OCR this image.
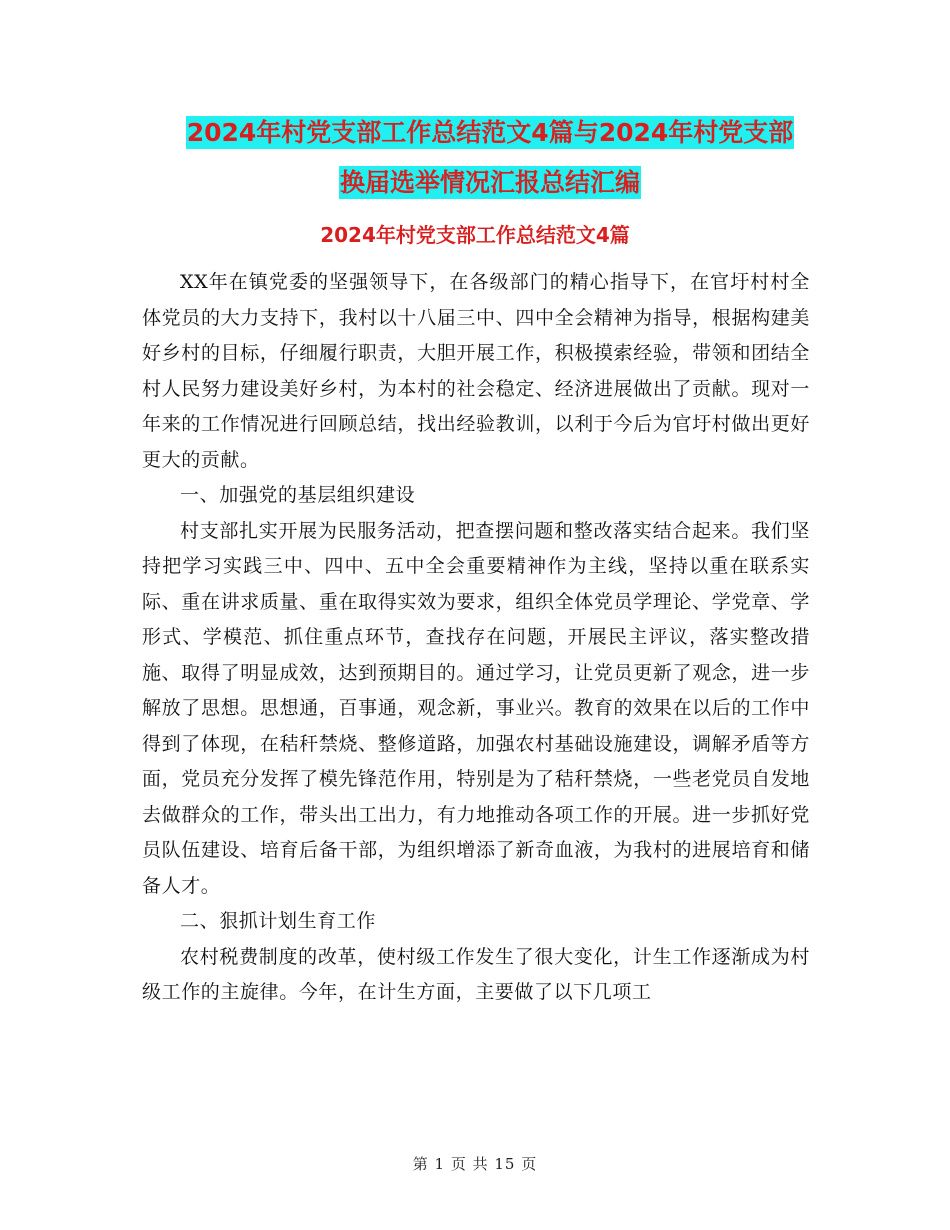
2024年村党支部工作总结范文4篇与2024年村党支部
换届选举情况汇报总结汇编
2024年村党支部工作总结范文4篇

XX年在镇党委的坚强领导下，在各级部门的精心指导下，在官圩村村全体党员的大力支持下，我村以十八届三中、四中全会精神为指导，根据构建美好乡村的目标，仔细履行职责，大胆开展工作，积极摸索经验，带领和团结全村人民努力建设美好乡村，为本村的社会稳定、经济进展做出了贡献。现对一年来的工作情况进行回顾总结，找出经验教训，以利于今后为官圩村做出更好更大的贡献。

一、加强党的基层组织建设

村支部扎实开展为民服务活动，把查摆问题和整改落实结合起来。我们坚持把学习实践三中、四中、五中全会重要精神作为主线，坚持以重在联系实际、重在讲求质量、重在取得实效为要求，组织全体党员学理论、学党章、学形式、学模范、抓住重点环节，查找存在问题，开展民主评议，落实整改措施、取得了明显成效，达到预期目的。通过学习，让党员更新了观念，进一步解放了思想。思想通，百事通，观念新，事业兴。教育的效果在以后的工作中得到了体现，在秸秆禁烧、整修道路，加强农村基础设施建设，调解矛盾等方面，党员充分发挥了模先锋范作用，特别是为了秸秆禁烧，一些老党员自发地去做群众的工作，带头出工出力，有力地推动各项工作的开展。进一步抓好党员队伍建设、培育后备干部，为组织增添了新奇血液，为我村的进展培育和储备人才。

二、狠抓计划生育工作

农村税费制度的改革，使村级工作发生了很大变化，计生工作逐渐成为村级工作的主旋律。今年，在计生方面，主要做了以下几项工

第 1 页 共 15 页
